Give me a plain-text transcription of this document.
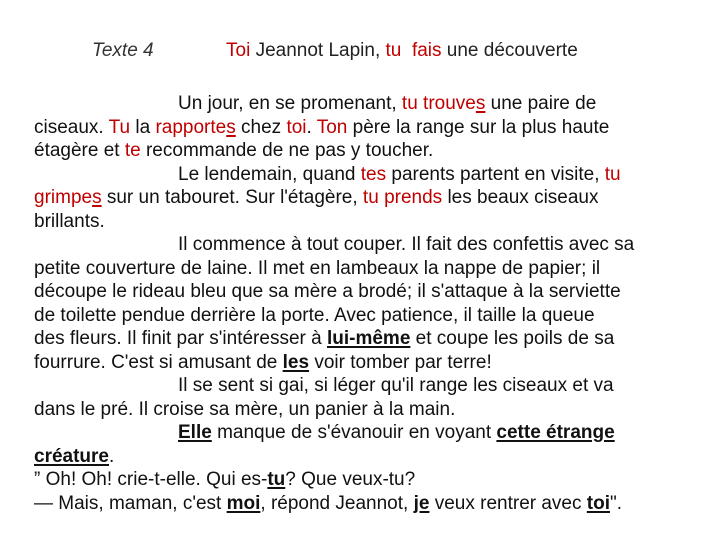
Texte 4	Toi Jeannot Lapin, tu fais une découverte
Un jour, en se promenant, tu trouves une paire de
ciseaux. Tu la rapportes chez toi. Ton père la range sur la plus haute
étagère et te recommande de ne pas y toucher.
Le lendemain, quand tes parents partent en visite, tu
grimpes sur un tabouret. Sur l'étagère, tu prends les beaux ciseaux
brillants.
Il commence à tout couper. Il fait des confettis avec sa
petite couverture de laine. Il met en lambeaux la nappe de papier; il
découpe le rideau bleu que sa mère a brodé; il s'attaque à la serviette
de toilette pendue derrière la porte. Avec patience, il taille la queue
des fleurs. Il finit par s'intéresser à lui-même et coupe les poils de sa
fourrure. C'est si amusant de les voir tomber par terre!
Il se sent si gai, si léger qu'il range les ciseaux et va
dans le pré. Il croise sa mère, un panier à la main.
Elle manque de s'évanouir en voyant cette étrange
créature.
” Oh! Oh! crie-t-elle. Qui es-tu? Que veux-tu?
— Mais, maman, c'est moi, répond Jeannot, je veux rentrer avec toi".
